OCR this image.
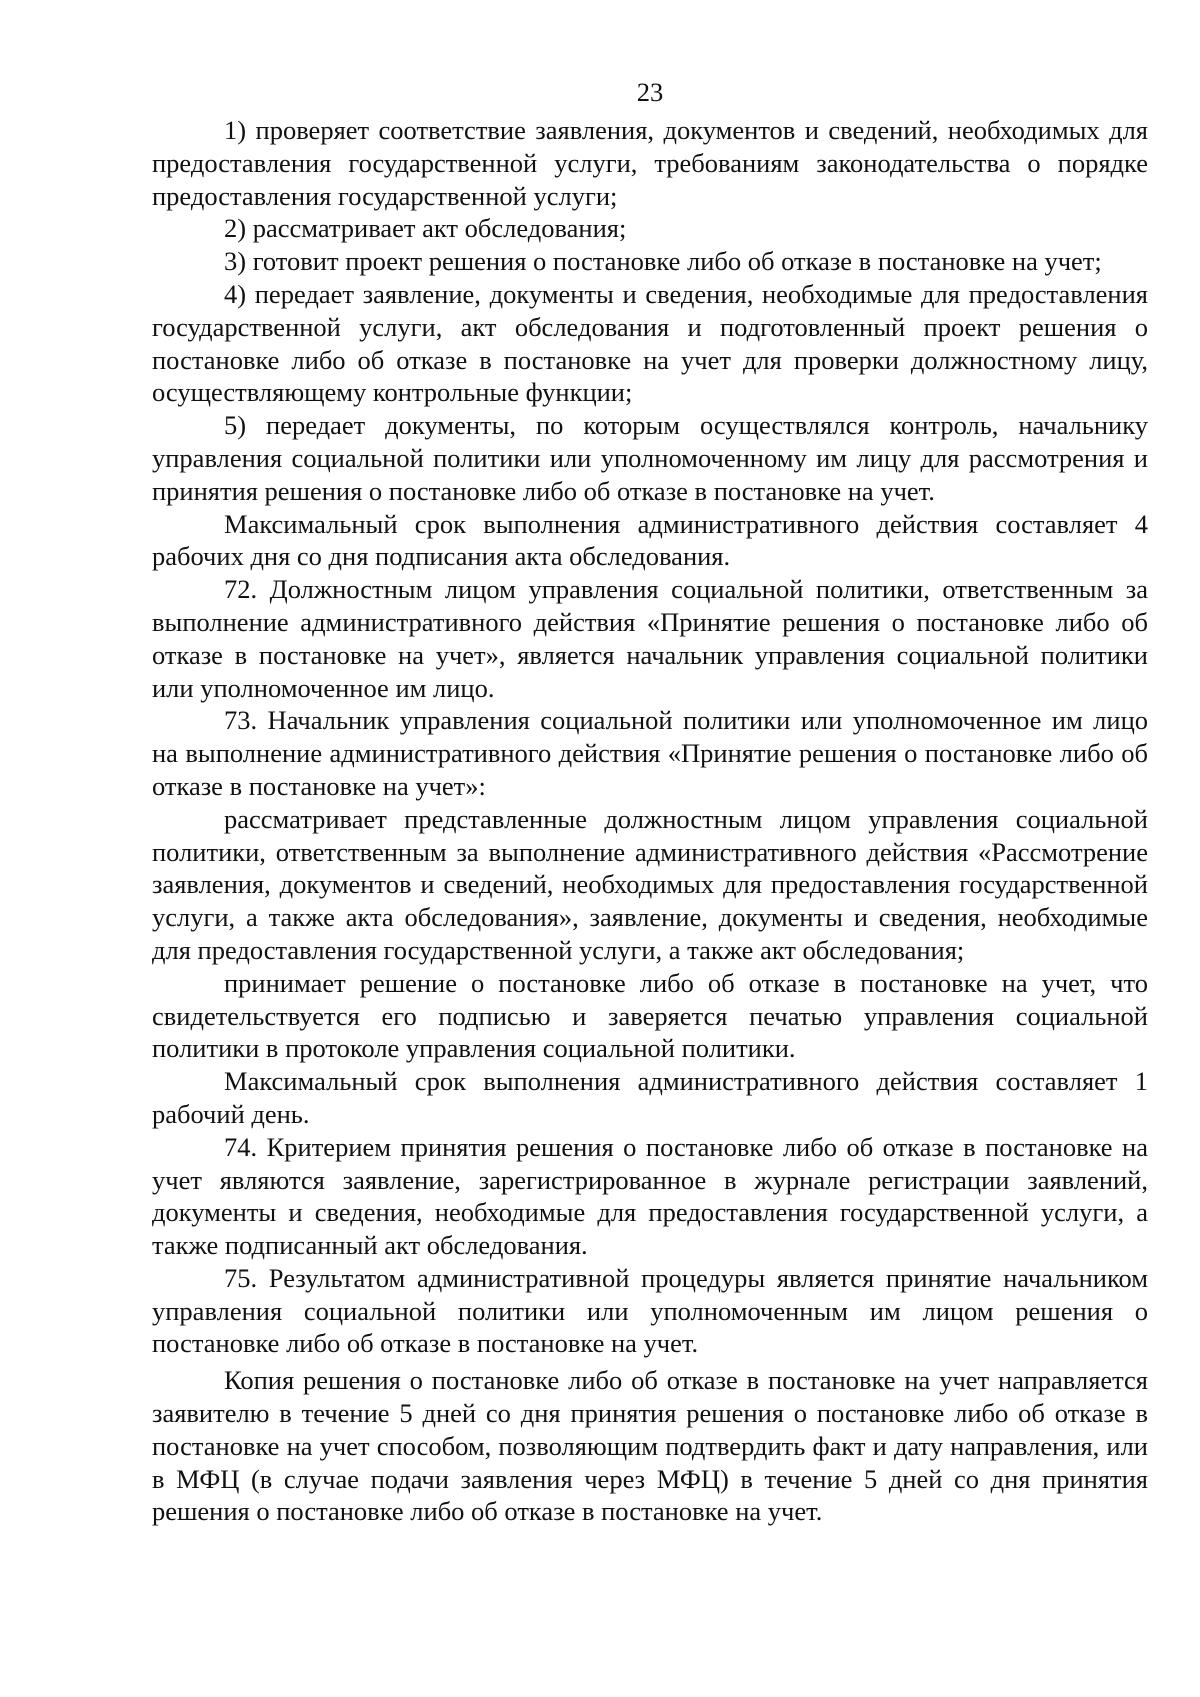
23

1) проверяет соответствие заявления, документов и сведений, необходимых для предоставления государственной услуги, требованиям законодательства о порядке предоставления государственной услуги;

2) рассматривает акт обследования;

3) готовит проект решения о постановке либо об отказе в постановке на учет;

4) передает заявление, документы и сведения, необходимые для предоставления государственной услуги, акт обследования и подготовленный проект решения о постановке либо об отказе в постановке на учет для проверки должностному лицу, осуществляющему контрольные функции;

5) передает документы, по которым осуществлялся контроль, начальнику управления социальной политики или уполномоченному им лицу для рассмотрения и принятия решения о постановке либо об отказе в постановке на учет.

Максимальный срок выполнения административного действия составляет 4 рабочих дня со дня подписания акта обследования.

72. Должностным лицом управления социальной политики, ответственным за выполнение административного действия «Принятие решения о постановке либо об отказе в постановке на учет», является начальник управления социальной политики или уполномоченное им лицо.

73. Начальник управления социальной политики или уполномоченное им лицо на выполнение административного действия «Принятие решения о постановке либо об отказе в постановке на учет»:

рассматривает представленные должностным лицом управления социальной политики, ответственным за выполнение административного действия «Рассмотрение заявления, документов и сведений, необходимых для предоставления государственной услуги, а также акта обследования», заявление, документы и сведения, необходимые для предоставления государственной услуги, а также акт обследования;

принимает решение о постановке либо об отказе в постановке на учет, что свидетельствуется его подписью и заверяется печатью управления социальной политики в протоколе управления социальной политики.

Максимальный срок выполнения административного действия составляет 1 рабочий день.

74. Критерием принятия решения о постановке либо об отказе в постановке на учет являются заявление, зарегистрированное в журнале регистрации заявлений, документы и сведения, необходимые для предоставления государственной услуги, а также подписанный акт обследования.

75. Результатом административной процедуры является принятие начальником управления социальной политики или уполномоченным им лицом решения о постановке либо об отказе в постановке на учет.

Копия решения о постановке либо об отказе в постановке на учет направляется заявителю в течение 5 дней со дня принятия решения о постановке либо об отказе в постановке на учет способом, позволяющим подтвердить факт и дату направления, или в МФЦ (в случае подачи заявления через МФЦ) в течение 5 дней со дня принятия решения о постановке либо об отказе в постановке на учет.
